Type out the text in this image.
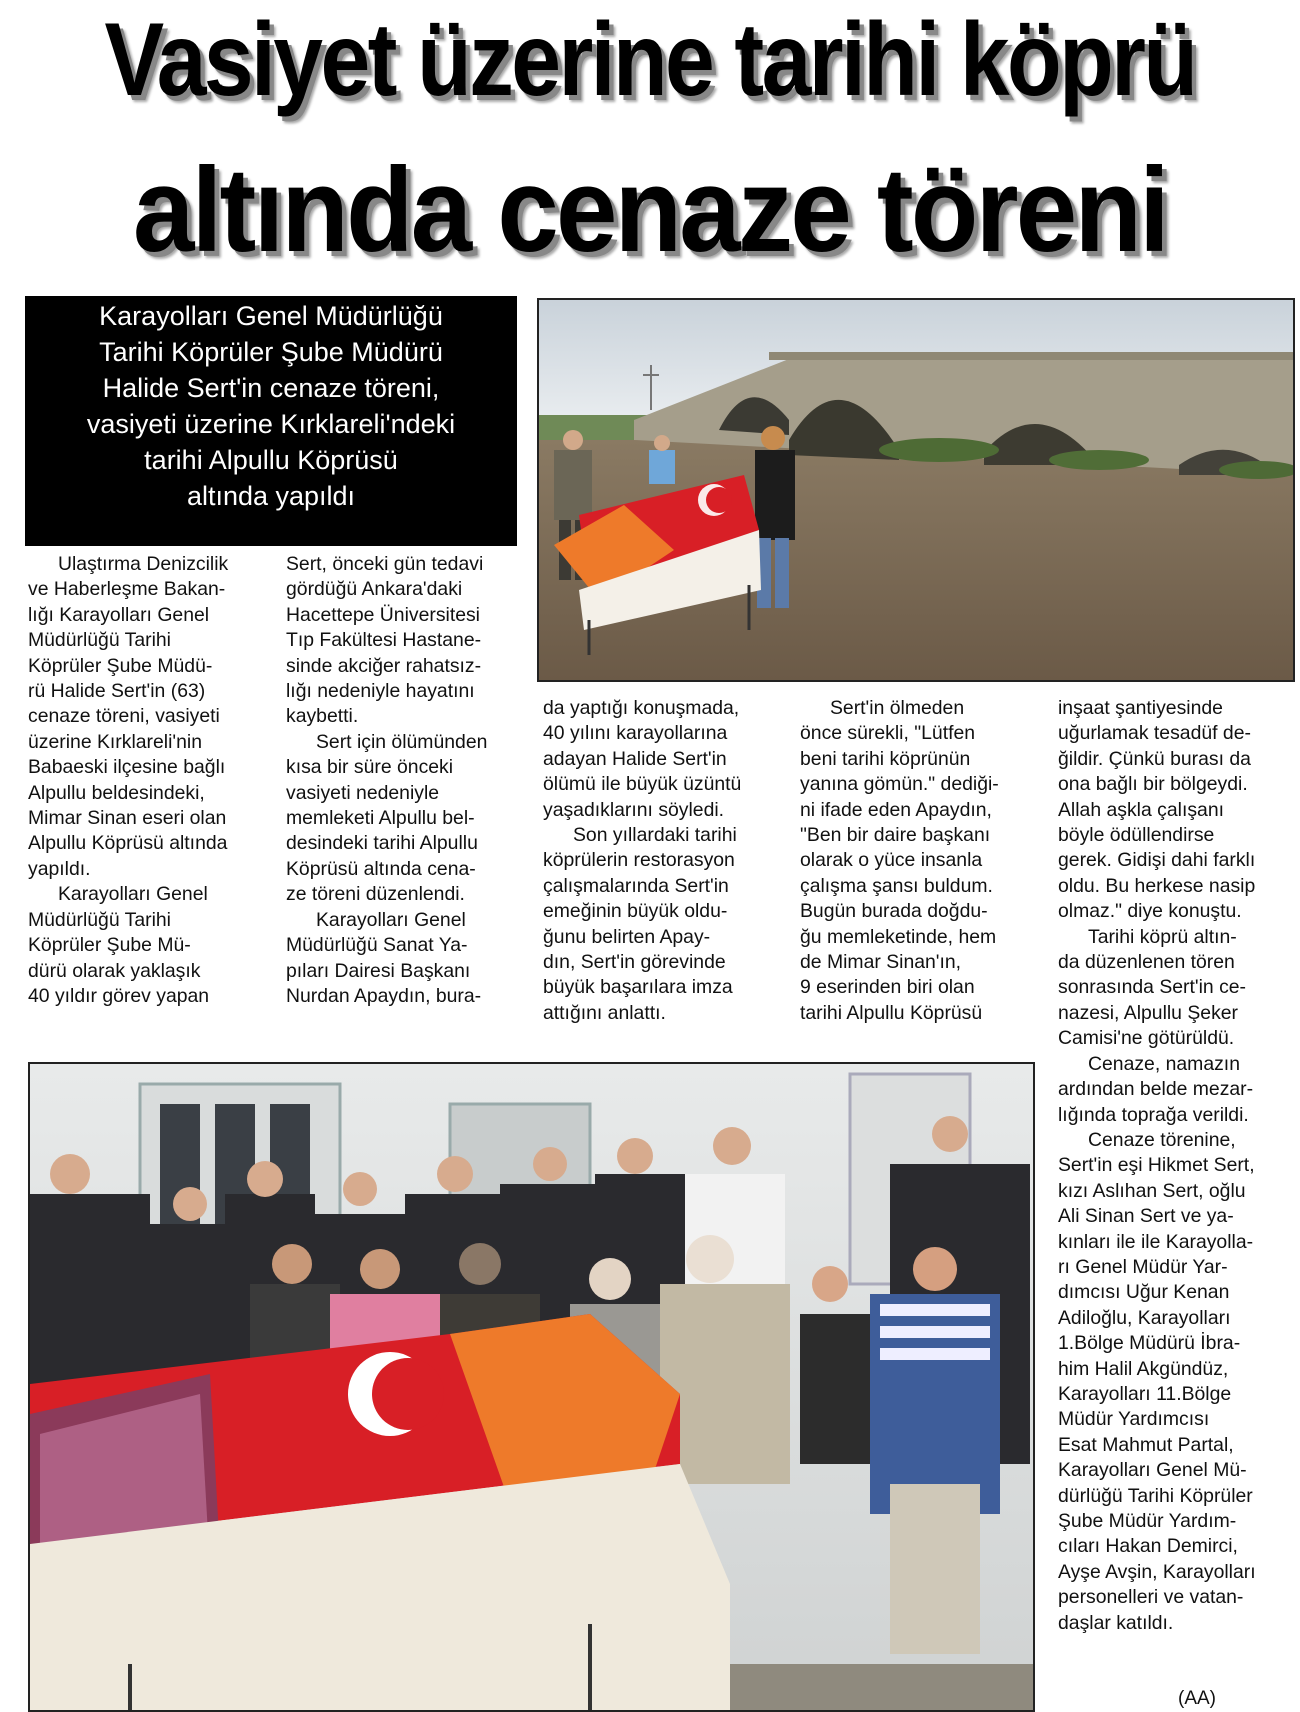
Vasiyet üzerine tarihi köprü
altında cenaze töreni

Karayolları Genel Müdürlüğü

Tarihi Köprüler Şube Müdürü

Halide Sert'in cenaze töreni,

vasiyeti üzerine Kırklareli'ndeki

tarihi Alpullu Köprüsü

altında yapıldı

Ulaştırma Denizcilik
ve Haberleşme Bakan-
lığı Karayolları Genel
Müdürlüğü Tarihi
Köprüler Şube Müdü-
rü Halide Sert'in (63)
cenaze töreni, vasiyeti
üzerine Kırklareli'nin
Babaeski ilçesine bağlı
Alpullu beldesindeki,
Mimar Sinan eseri olan
Alpullu Köprüsü altında
yapıldı.

Karayolları Genel
Müdürlüğü Tarihi
Köprüler Şube Mü-
dürü olarak yaklaşık
40 yıldır görev yapan

Sert, önceki gün tedavi
gördüğü Ankara'daki
Hacettepe Üniversitesi
Tıp Fakültesi Hastane-
sinde akciğer rahatsız-
lığı nedeniyle hayatını
kaybetti.

Sert için ölümünden
kısa bir süre önceki
vasiyeti nedeniyle
memleketi Alpullu bel-
desindeki tarihi Alpullu
Köprüsü altında cena-
ze töreni düzenlendi.

Karayolları Genel
Müdürlüğü Sanat Ya-
pıları Dairesi Başkanı
Nurdan Apaydın, bura-

da yaptığı konuşmada,
40 yılını karayollarına
adayan Halide Sert'in
ölümü ile büyük üzüntü
yaşadıklarını söyledi.

Son yıllardaki tarihi
köprülerin restorasyon
çalışmalarında Sert'in
emeğinin büyük oldu-
ğunu belirten Apay-
dın, Sert'in görevinde
büyük başarılara imza
attığını anlattı.

Sert'in ölmeden
önce sürekli, "Lütfen
beni tarihi köprünün
yanına gömün." dediği-
ni ifade eden Apaydın,
"Ben bir daire başkanı
olarak o yüce insanla
çalışma şansı buldum.
Bugün burada doğdu-
ğu memleketinde, hem
de Mimar Sinan'ın,
9 eserinden biri olan
tarihi Alpullu Köprüsü

inşaat şantiyesinde
uğurlamak tesadüf de-
ğildir. Çünkü burası da
ona bağlı bir bölgeydi.
Allah aşkla çalışanı
böyle ödüllendirse
gerek. Gidişi dahi farklı
oldu. Bu herkese nasip
olmaz." diye konuştu.

Tarihi köprü altın-
da düzenlenen tören
sonrasında Sert'in ce-
nazesi, Alpullu Şeker
Camisi'ne götürüldü.

Cenaze, namazın
ardından belde mezar-
lığında toprağa verildi.

Cenaze törenine,
Sert'in eşi Hikmet Sert,
kızı Aslıhan Sert, oğlu
Ali Sinan Sert ve ya-
kınları ile ile Karayolla-
rı Genel Müdür Yar-
dımcısı Uğur Kenan
Adiloğlu, Karayolları
1.Bölge Müdürü İbra-
him Halil Akgündüz,
Karayolları 11.Bölge
Müdür Yardımcısı
Esat Mahmut Partal,
Karayolları Genel Mü-
dürlüğü Tarihi Köprüler
Şube Müdür Yardım-
cıları Hakan Demirci,
Ayşe Avşin, Karayolları
personelleri ve vatan-
daşlar katıldı.

(AA)
